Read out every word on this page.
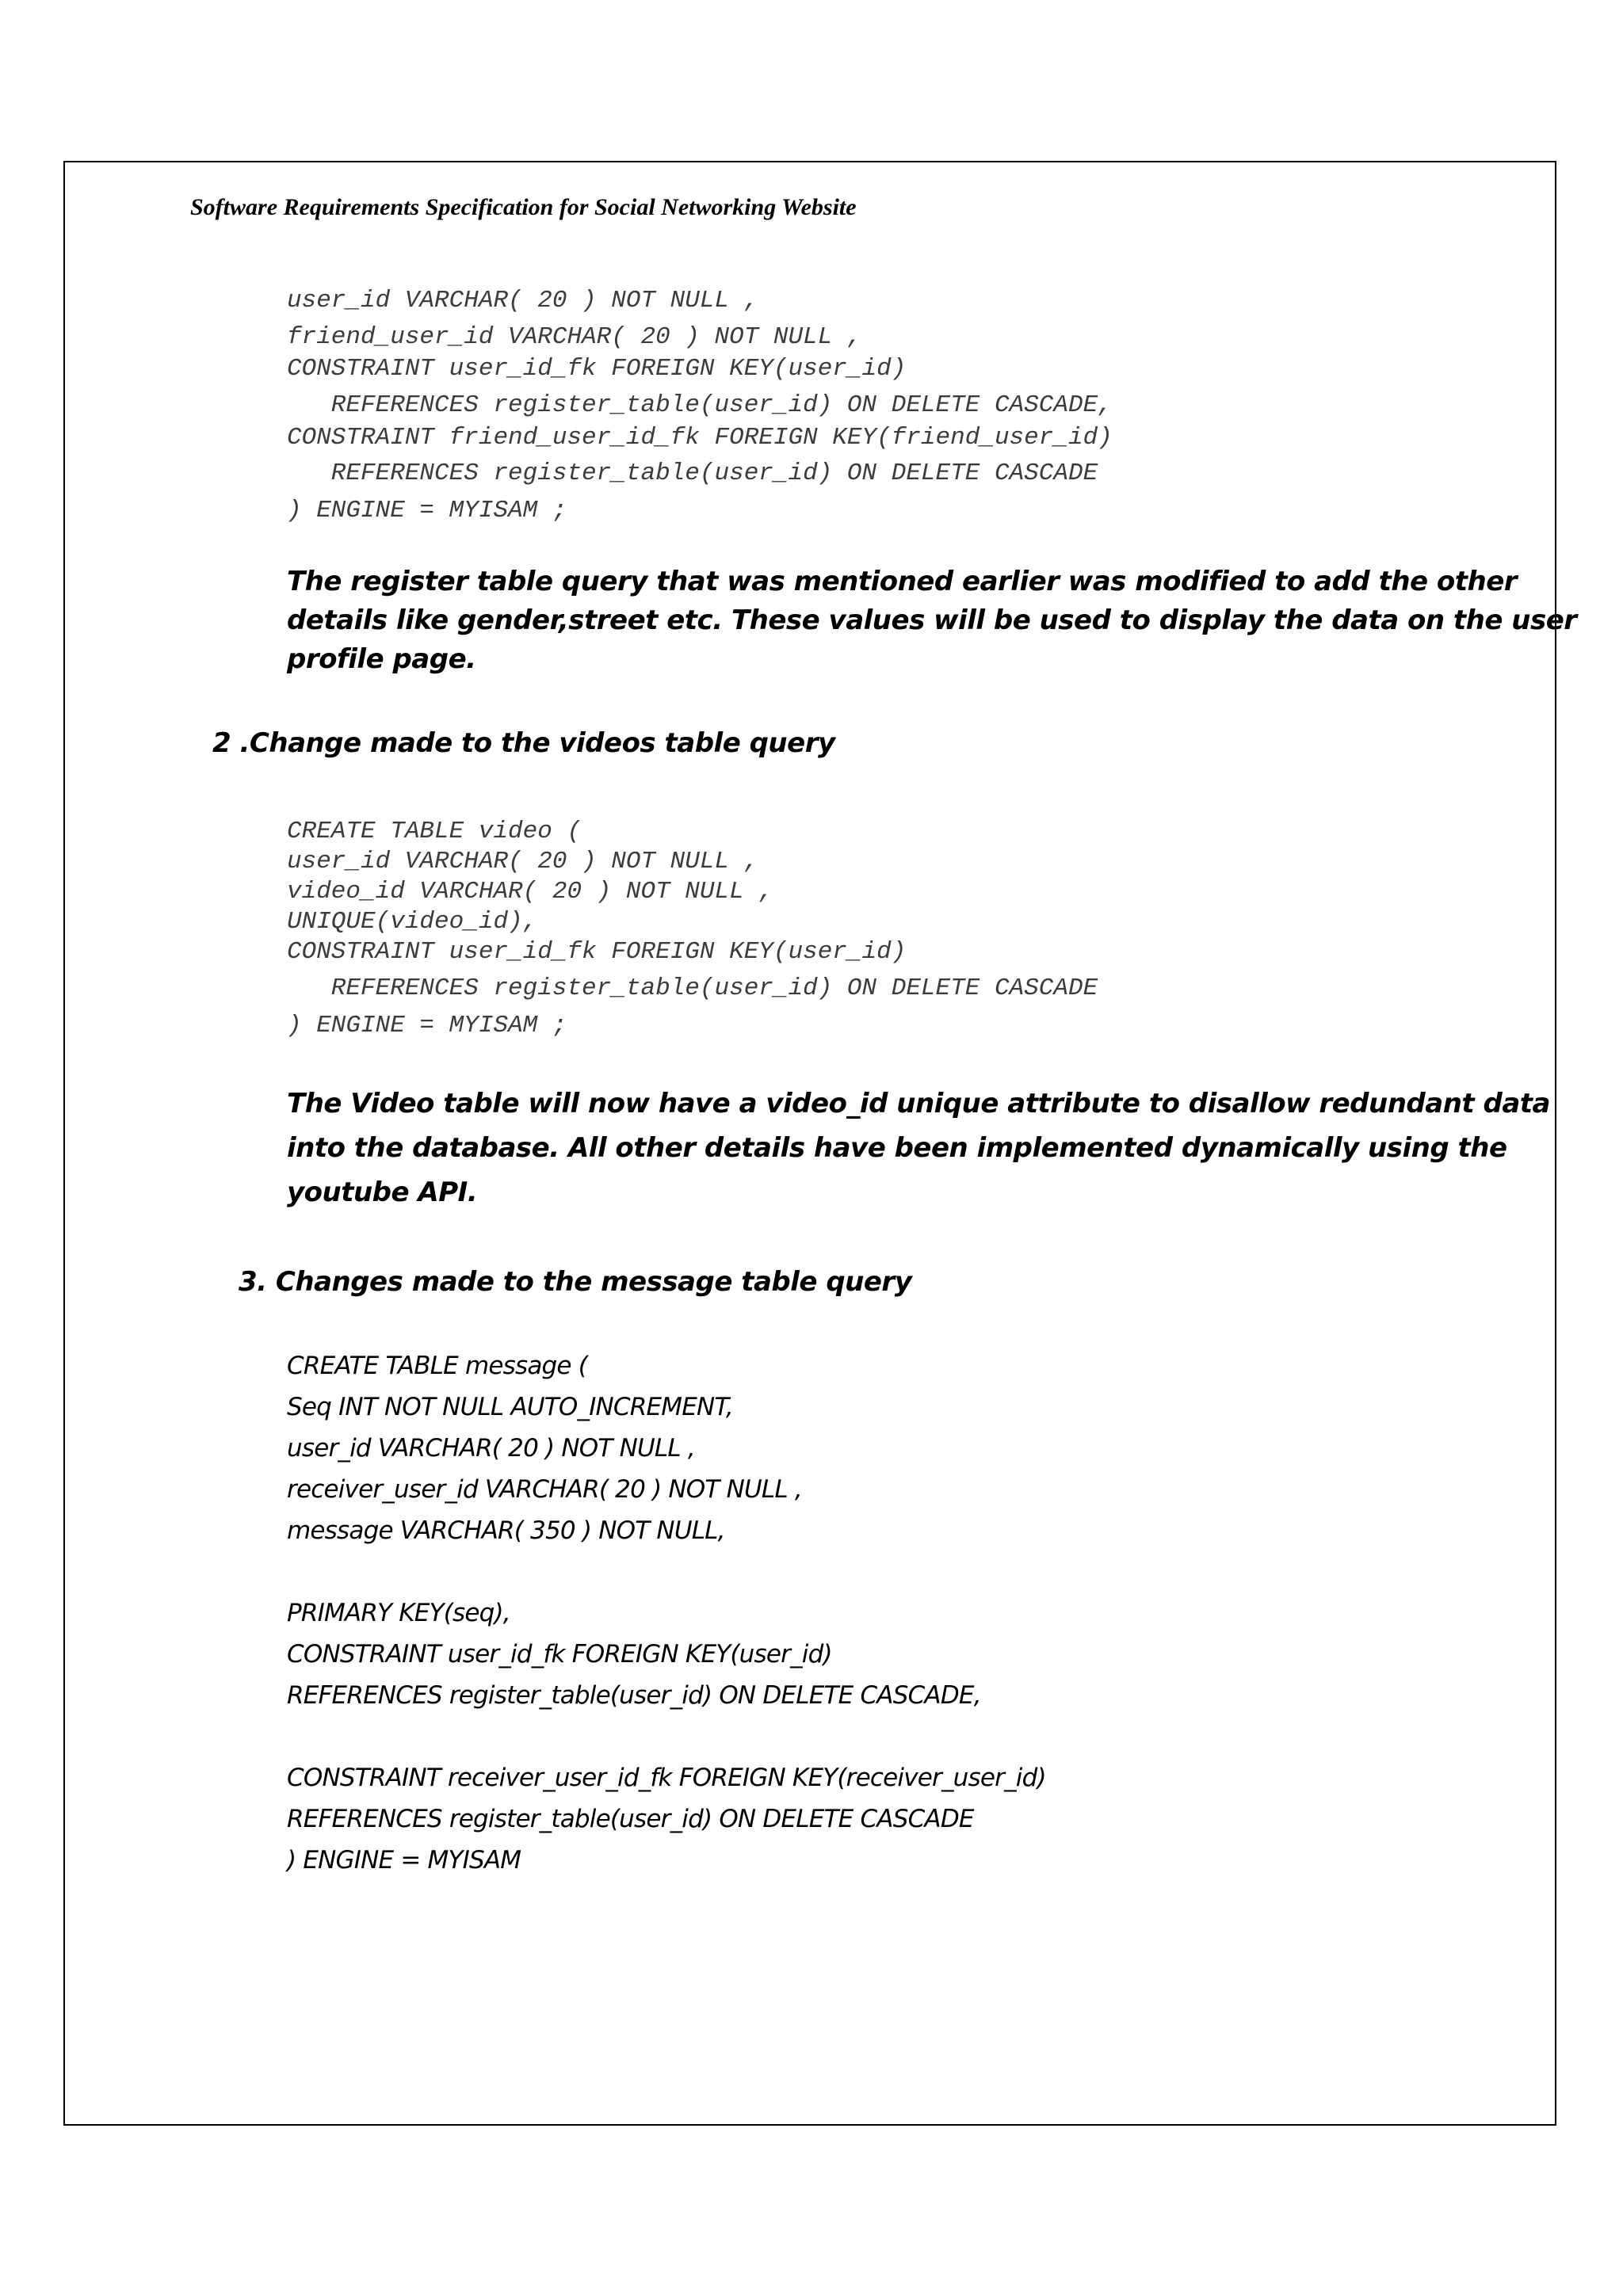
Software Requirements Specification for Social Networking Website
user_id VARCHAR( 20 ) NOT NULL ,
friend_user_id VARCHAR( 20 ) NOT NULL ,
CONSTRAINT user_id_fk FOREIGN KEY(user_id)
REFERENCES register_table(user_id) ON DELETE CASCADE,
CONSTRAINT friend_user_id_fk FOREIGN KEY(friend_user_id)
REFERENCES register_table(user_id) ON DELETE CASCADE
) ENGINE = MYISAM ;
The register table query that was mentioned earlier was modified to add the other
details like gender,street etc. These values will be used to display the data on the user
profile page.
2 .Change made to the videos table query
CREATE TABLE video (
user_id VARCHAR( 20 ) NOT NULL ,
video_id VARCHAR( 20 ) NOT NULL ,
UNIQUE(video_id),
CONSTRAINT user_id_fk FOREIGN KEY(user_id)
REFERENCES register_table(user_id) ON DELETE CASCADE
) ENGINE = MYISAM ;
The Video table will now have a video_id unique attribute to disallow redundant data
into the database. All other details have been implemented dynamically using the
youtube API.
3. Changes made to the message table query
CREATE TABLE message (
Seq INT NOT NULL AUTO_INCREMENT,
user_id VARCHAR( 20 ) NOT NULL ,
receiver_user_id VARCHAR( 20 ) NOT NULL ,
message VARCHAR( 350 ) NOT NULL,
PRIMARY KEY(seq),
CONSTRAINT user_id_fk FOREIGN KEY(user_id)
REFERENCES register_table(user_id) ON DELETE CASCADE,
CONSTRAINT receiver_user_id_fk FOREIGN KEY(receiver_user_id)
REFERENCES register_table(user_id) ON DELETE CASCADE
) ENGINE = MYISAM
